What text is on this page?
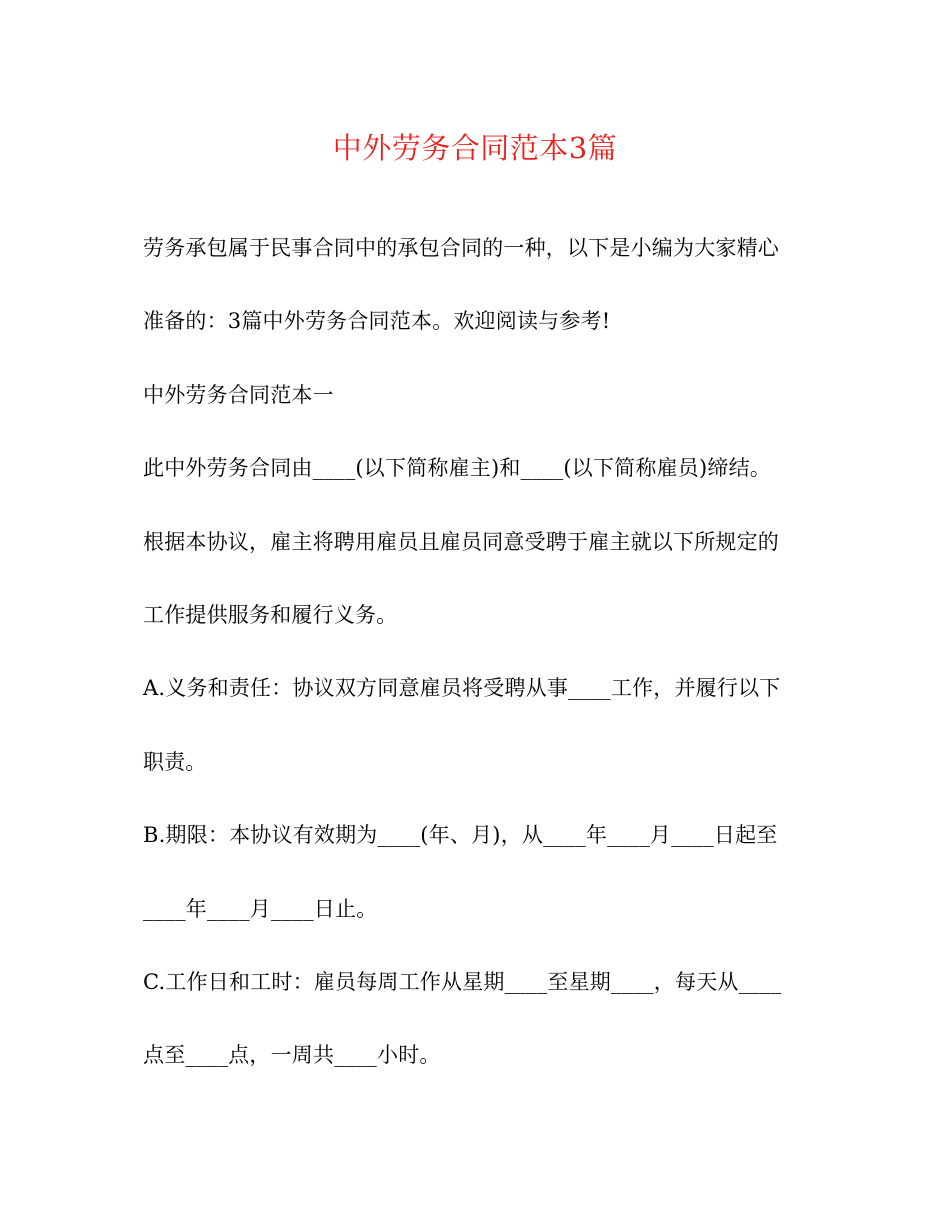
中外劳务合同范本3篇
劳务承包属于民事合同中的承包合同的一种，以下是小编为大家精心
准备的：3篇中外劳务合同范本。欢迎阅读与参考!
中外劳务合同范本一
此中外劳务合同由____(以下简称雇主)和____(以下简称雇员)缔结。
根据本协议，雇主将聘用雇员且雇员同意受聘于雇主就以下所规定的
工作提供服务和履行义务。
A.义务和责任：协议双方同意雇员将受聘从事____工作，并履行以下
职责。
B.期限：本协议有效期为____(年、月)，从____年____月____日起至
____年____月____日止。
C.工作日和工时：雇员每周工作从星期____至星期____，每天从____
点至____点，一周共____小时。
